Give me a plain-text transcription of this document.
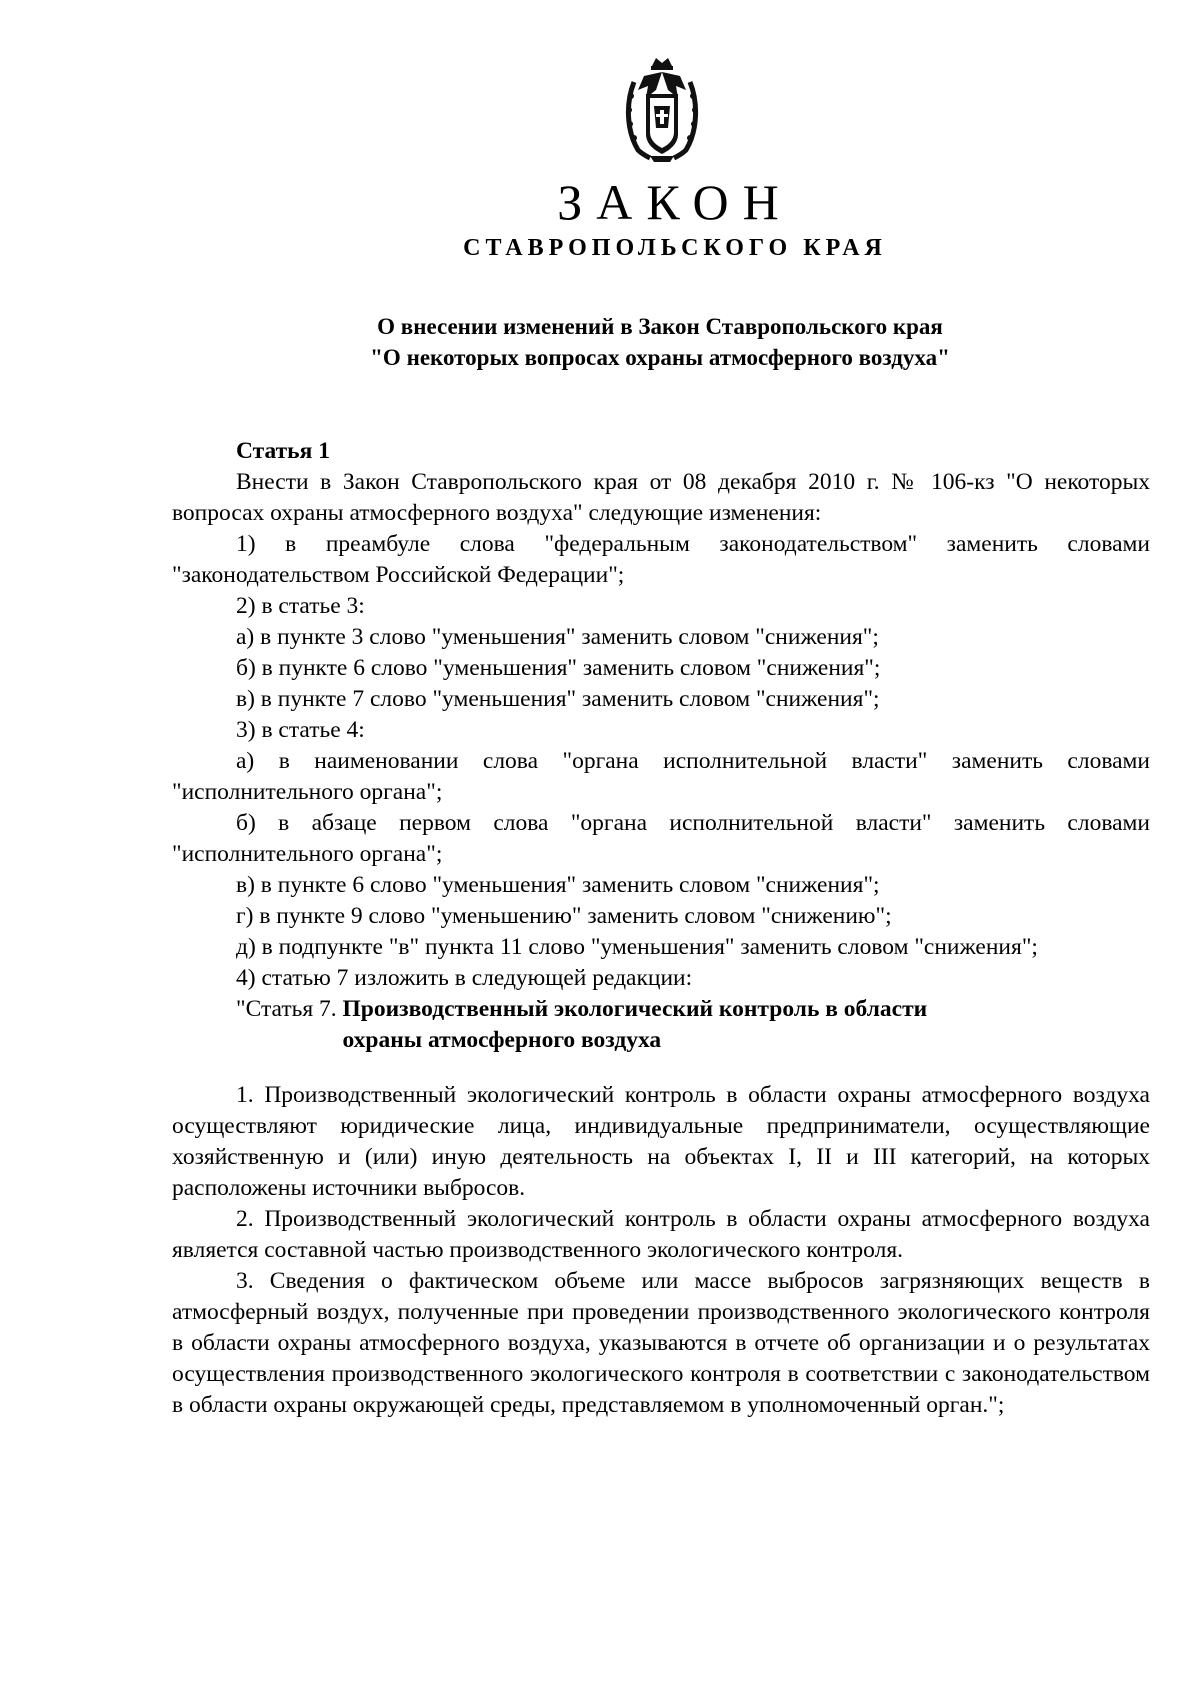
ЗАКОН
СТАВРОПОЛЬСКОГО КРАЯ
О внесении изменений в Закон Ставропольского края
"О некоторых вопросах охраны атмосферного воздуха"

Статья 1

Внести в Закон Ставропольского края от 08 декабря 2010 г. № 106-кз "О некоторых вопросах охраны атмосферного воздуха" следующие изменения:

1) в преамбуле слова "федеральным законодательством" заменить словами "законодательством Российской Федерации";

2) в статье 3:

а) в пункте 3 слово "уменьшения" заменить словом "снижения";

б) в пункте 6 слово "уменьшения" заменить словом "снижения";

в) в пункте 7 слово "уменьшения" заменить словом "снижения";

3) в статье 4:

а) в наименовании слова "органа исполнительной власти" заменить словами "исполнительного органа";

б) в абзаце первом слова "органа исполнительной власти" заменить словами "исполнительного органа";

в) в пункте 6 слово "уменьшения" заменить словом "снижения";

г) в пункте 9 слово "уменьшению" заменить словом "снижению";

д) в подпункте "в" пункта 11 слово "уменьшения" заменить словом "снижения";

4) статью 7 изложить в следующей редакции:

"Статья 7. Производственный экологический контроль в области
охраны атмосферного воздуха

1. Производственный экологический контроль в области охраны атмосферного воздуха осуществляют юридические лица, индивидуальные предприниматели, осуществляющие хозяйственную и (или) иную деятельность на объектах I, II и III категорий, на которых расположены источники выбросов.

2. Производственный экологический контроль в области охраны атмосферного воздуха является составной частью производственного экологического контроля.

3. Сведения о фактическом объеме или массе выбросов загрязняющих веществ в атмосферный воздух, полученные при проведении производственного экологического контроля в области охраны атмосферного воздуха, указываются в отчете об организации и о результатах осуществления производственного экологического контроля в соответствии с законодательством в области охраны окружающей среды, представляемом в уполномоченный орган.";
